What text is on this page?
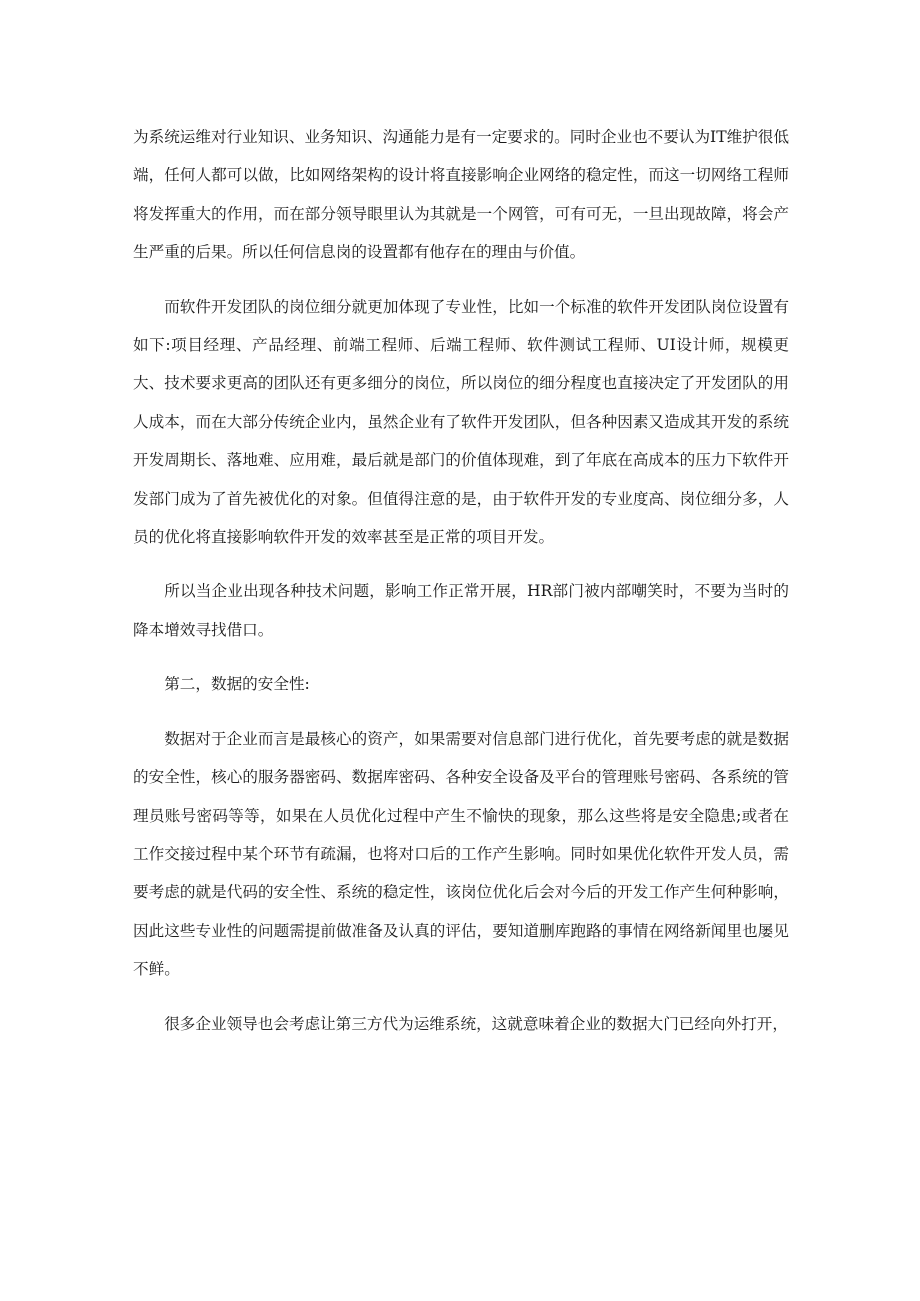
为系统运维对行业知识、业务知识、沟通能力是有一定要求的。同时企业也不要认为IT维护很低端，任何人都可以做，比如网络架构的设计将直接影响企业网络的稳定性，而这一切网络工程师将发挥重大的作用，而在部分领导眼里认为其就是一个网管，可有可无，一旦出现故障，将会产生严重的后果。所以任何信息岗的设置都有他存在的理由与价值。

而软件开发团队的岗位细分就更加体现了专业性，比如一个标准的软件开发团队岗位设置有如下:项目经理、产品经理、前端工程师、后端工程师、软件测试工程师、UI设计师，规模更大、技术要求更高的团队还有更多细分的岗位，所以岗位的细分程度也直接决定了开发团队的用人成本，而在大部分传统企业内，虽然企业有了软件开发团队，但各种因素又造成其开发的系统开发周期长、落地难、应用难，最后就是部门的价值体现难，到了年底在高成本的压力下软件开发部门成为了首先被优化的对象。但值得注意的是，由于软件开发的专业度高、岗位细分多，人员的优化将直接影响软件开发的效率甚至是正常的项目开发。

所以当企业出现各种技术问题，影响工作正常开展，HR部门被内部嘲笑时，不要为当时的降本增效寻找借口。

第二，数据的安全性:

数据对于企业而言是最核心的资产，如果需要对信息部门进行优化，首先要考虑的就是数据的安全性，核心的服务器密码、数据库密码、各种安全设备及平台的管理账号密码、各系统的管理员账号密码等等，如果在人员优化过程中产生不愉快的现象，那么这些将是安全隐患;或者在工作交接过程中某个环节有疏漏，也将对口后的工作产生影响。同时如果优化软件开发人员，需要考虑的就是代码的安全性、系统的稳定性，该岗位优化后会对今后的开发工作产生何种影响，因此这些专业性的问题需提前做准备及认真的评估，要知道删库跑路的事情在网络新闻里也屡见不鲜。

很多企业领导也会考虑让第三方代为运维系统，这就意味着企业的数据大门已经向外打开，
